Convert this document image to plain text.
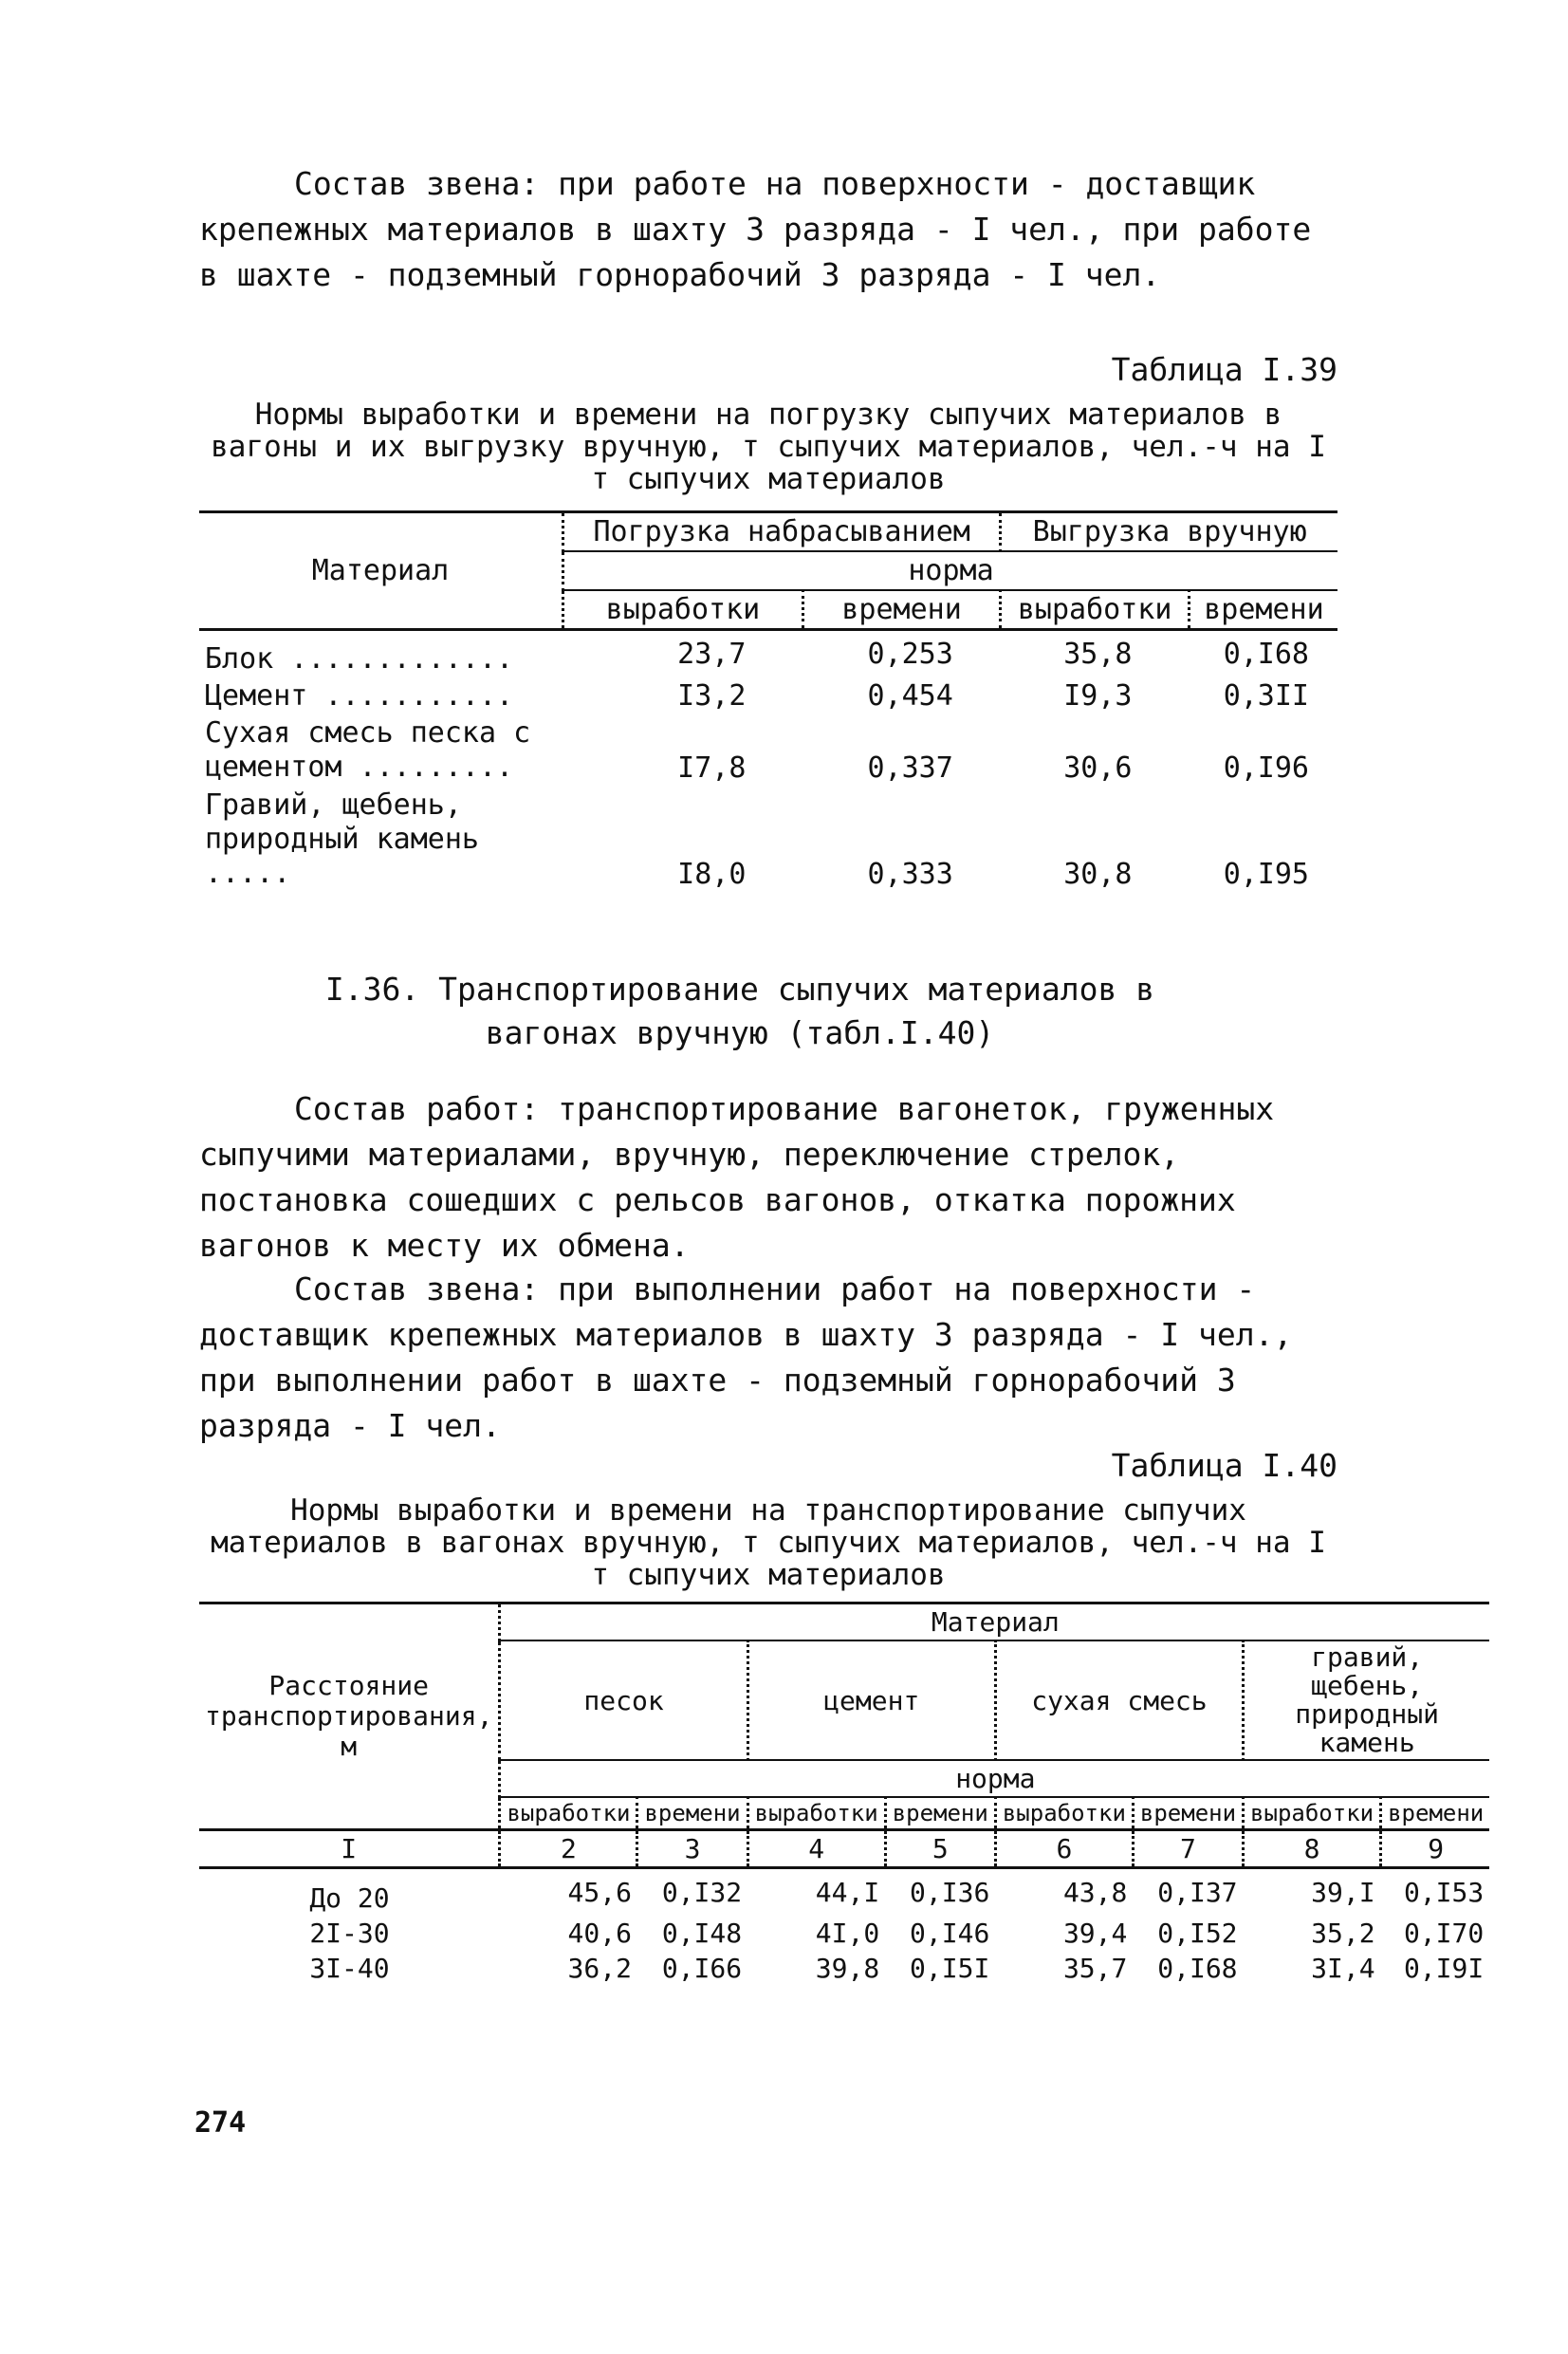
Состав звена: при работе на поверхности - доставщик крепежных материалов в шахту 3 разряда - I чел., при работе в шахте - подземный горнорабочий 3 разряда - I чел.

Таблица I.39

Нормы выработки и времени на погрузку сыпучих материалов в вагоны и их выгрузку вручную, т сыпучих материалов, чел.-ч на I т сыпучих материалов

Материал	Погрузка набрасыванием		Выгрузка вручную	
	норма			
	выработки	времени	выработки	времени
Блок .............	23,7	0,253	35,8	0,I68
Цемент ...........	I3,2	0,454	I9,3	0,3II
Сухая смесь песка с цементом .........	I7,8	0,337	30,6	0,I96
Гравий, щебень, природный камень .....	I8,0	0,333	30,8	0,I95

I.36. Транспортирование сыпучих материалов в вагонах вручную (табл.I.40)

Состав работ: транспортирование вагонеток, груженных сыпучими материалами, вручную, переключение стрелок, постановка сошедших с рельсов вагонов, откатка порожних вагонов к месту их обмена.

Состав звена: при выполнении работ на поверхности - доставщик крепежных материалов в шахту 3 разряда - I чел., при выполнении работ в шахте - подземный горнорабочий 3 разряда - I чел.

Таблица I.40

Нормы выработки и времени на транспортирование сыпучих материалов в вагонах вручную, т сыпучих материалов, чел.-ч на I т сыпучих материалов

Расстояние транспортирования, м	Материал							
	песок		цемент		сухая смесь		гравий, щебень, природный камень	
	норма							
	выработки	времени	выработки	времени	выработки	времени	выработки	времени
I	2	3	4	5	6	7	8	9
До 20	45,6	0,I32	44,I	0,I36	43,8	0,I37	39,I	0,I53
2I-30	40,6	0,I48	4I,0	0,I46	39,4	0,I52	35,2	0,I70
3I-40	36,2	0,I66	39,8	0,I5I	35,7	0,I68	3I,4	0,I9I
274
